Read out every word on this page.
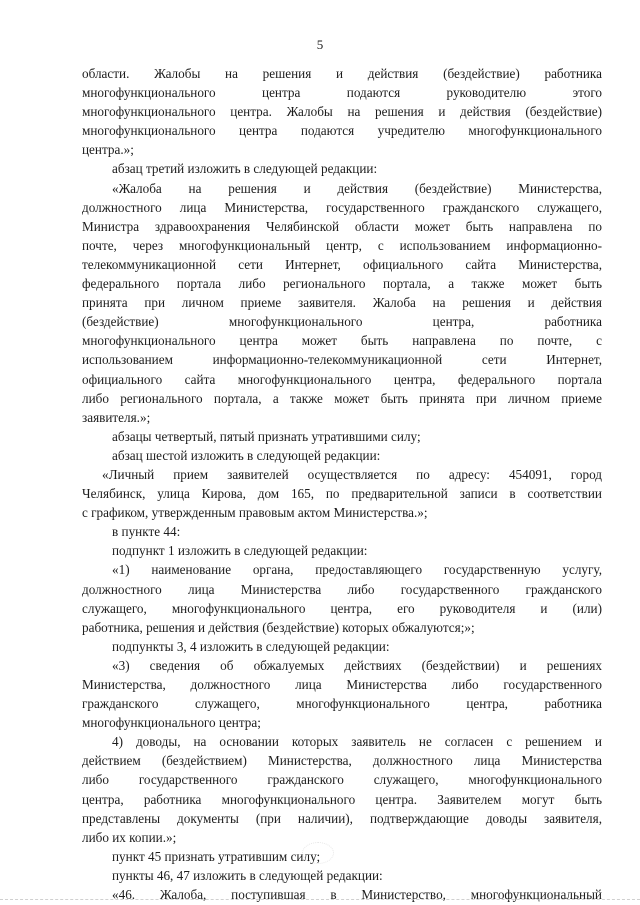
5
области. Жалобы на решения и действия (бездействие) работника
многофункционального центра подаются руководителю этого
многофункционального центра. Жалобы на решения и действия (бездействие)
многофункционального центра подаются учредителю многофункционального
центра.»;
абзац третий изложить в следующей редакции:
«Жалоба на решения и действия (бездействие) Министерства,
должностного лица Министерства, государственного гражданского служащего,
Министра здравоохранения Челябинской области может быть направлена по
почте, через многофункциональный центр, с использованием информационно-
телекоммуникационной сети Интернет, официального сайта Министерства,
федерального портала либо регионального портала, а также может быть
принята при личном приеме заявителя. Жалоба на решения и действия
(бездействие) многофункционального центра, работника
многофункционального центра может быть направлена по почте, с
использованием информационно-телекоммуникационной сети Интернет,
официального сайта многофункционального центра, федерального портала
либо регионального портала, а также может быть принята при личном приеме
заявителя.»;
абзацы четвертый, пятый признать утратившими силу;
абзац шестой изложить в следующей редакции:
«Личный прием заявителей осуществляется по адресу: 454091, город
Челябинск, улица Кирова, дом 165, по предварительной записи в соответствии
с графиком, утвержденным правовым актом Министерства.»;
в пункте 44:
подпункт 1 изложить в следующей редакции:
«1) наименование органа, предоставляющего государственную услугу,
должностного лица Министерства либо государственного гражданского
служащего, многофункционального центра, его руководителя и (или)
работника, решения и действия (бездействие) которых обжалуются;»;
подпункты 3, 4 изложить в следующей редакции:
«3) сведения об обжалуемых действиях (бездействии) и решениях
Министерства, должностного лица Министерства либо государственного
гражданского служащего, многофункционального центра, работника
многофункционального центра;
4) доводы, на основании которых заявитель не согласен с решением и
действием (бездействием) Министерства, должностного лица Министерства
либо государственного гражданского служащего, многофункционального
центра, работника многофункционального центра. Заявителем могут быть
представлены документы (при наличии), подтверждающие доводы заявителя,
либо их копии.»;
пункт 45 признать утратившим силу;
пункты 46, 47 изложить в следующей редакции:
«46. Жалоба, поступившая в Министерство, многофункциональный
